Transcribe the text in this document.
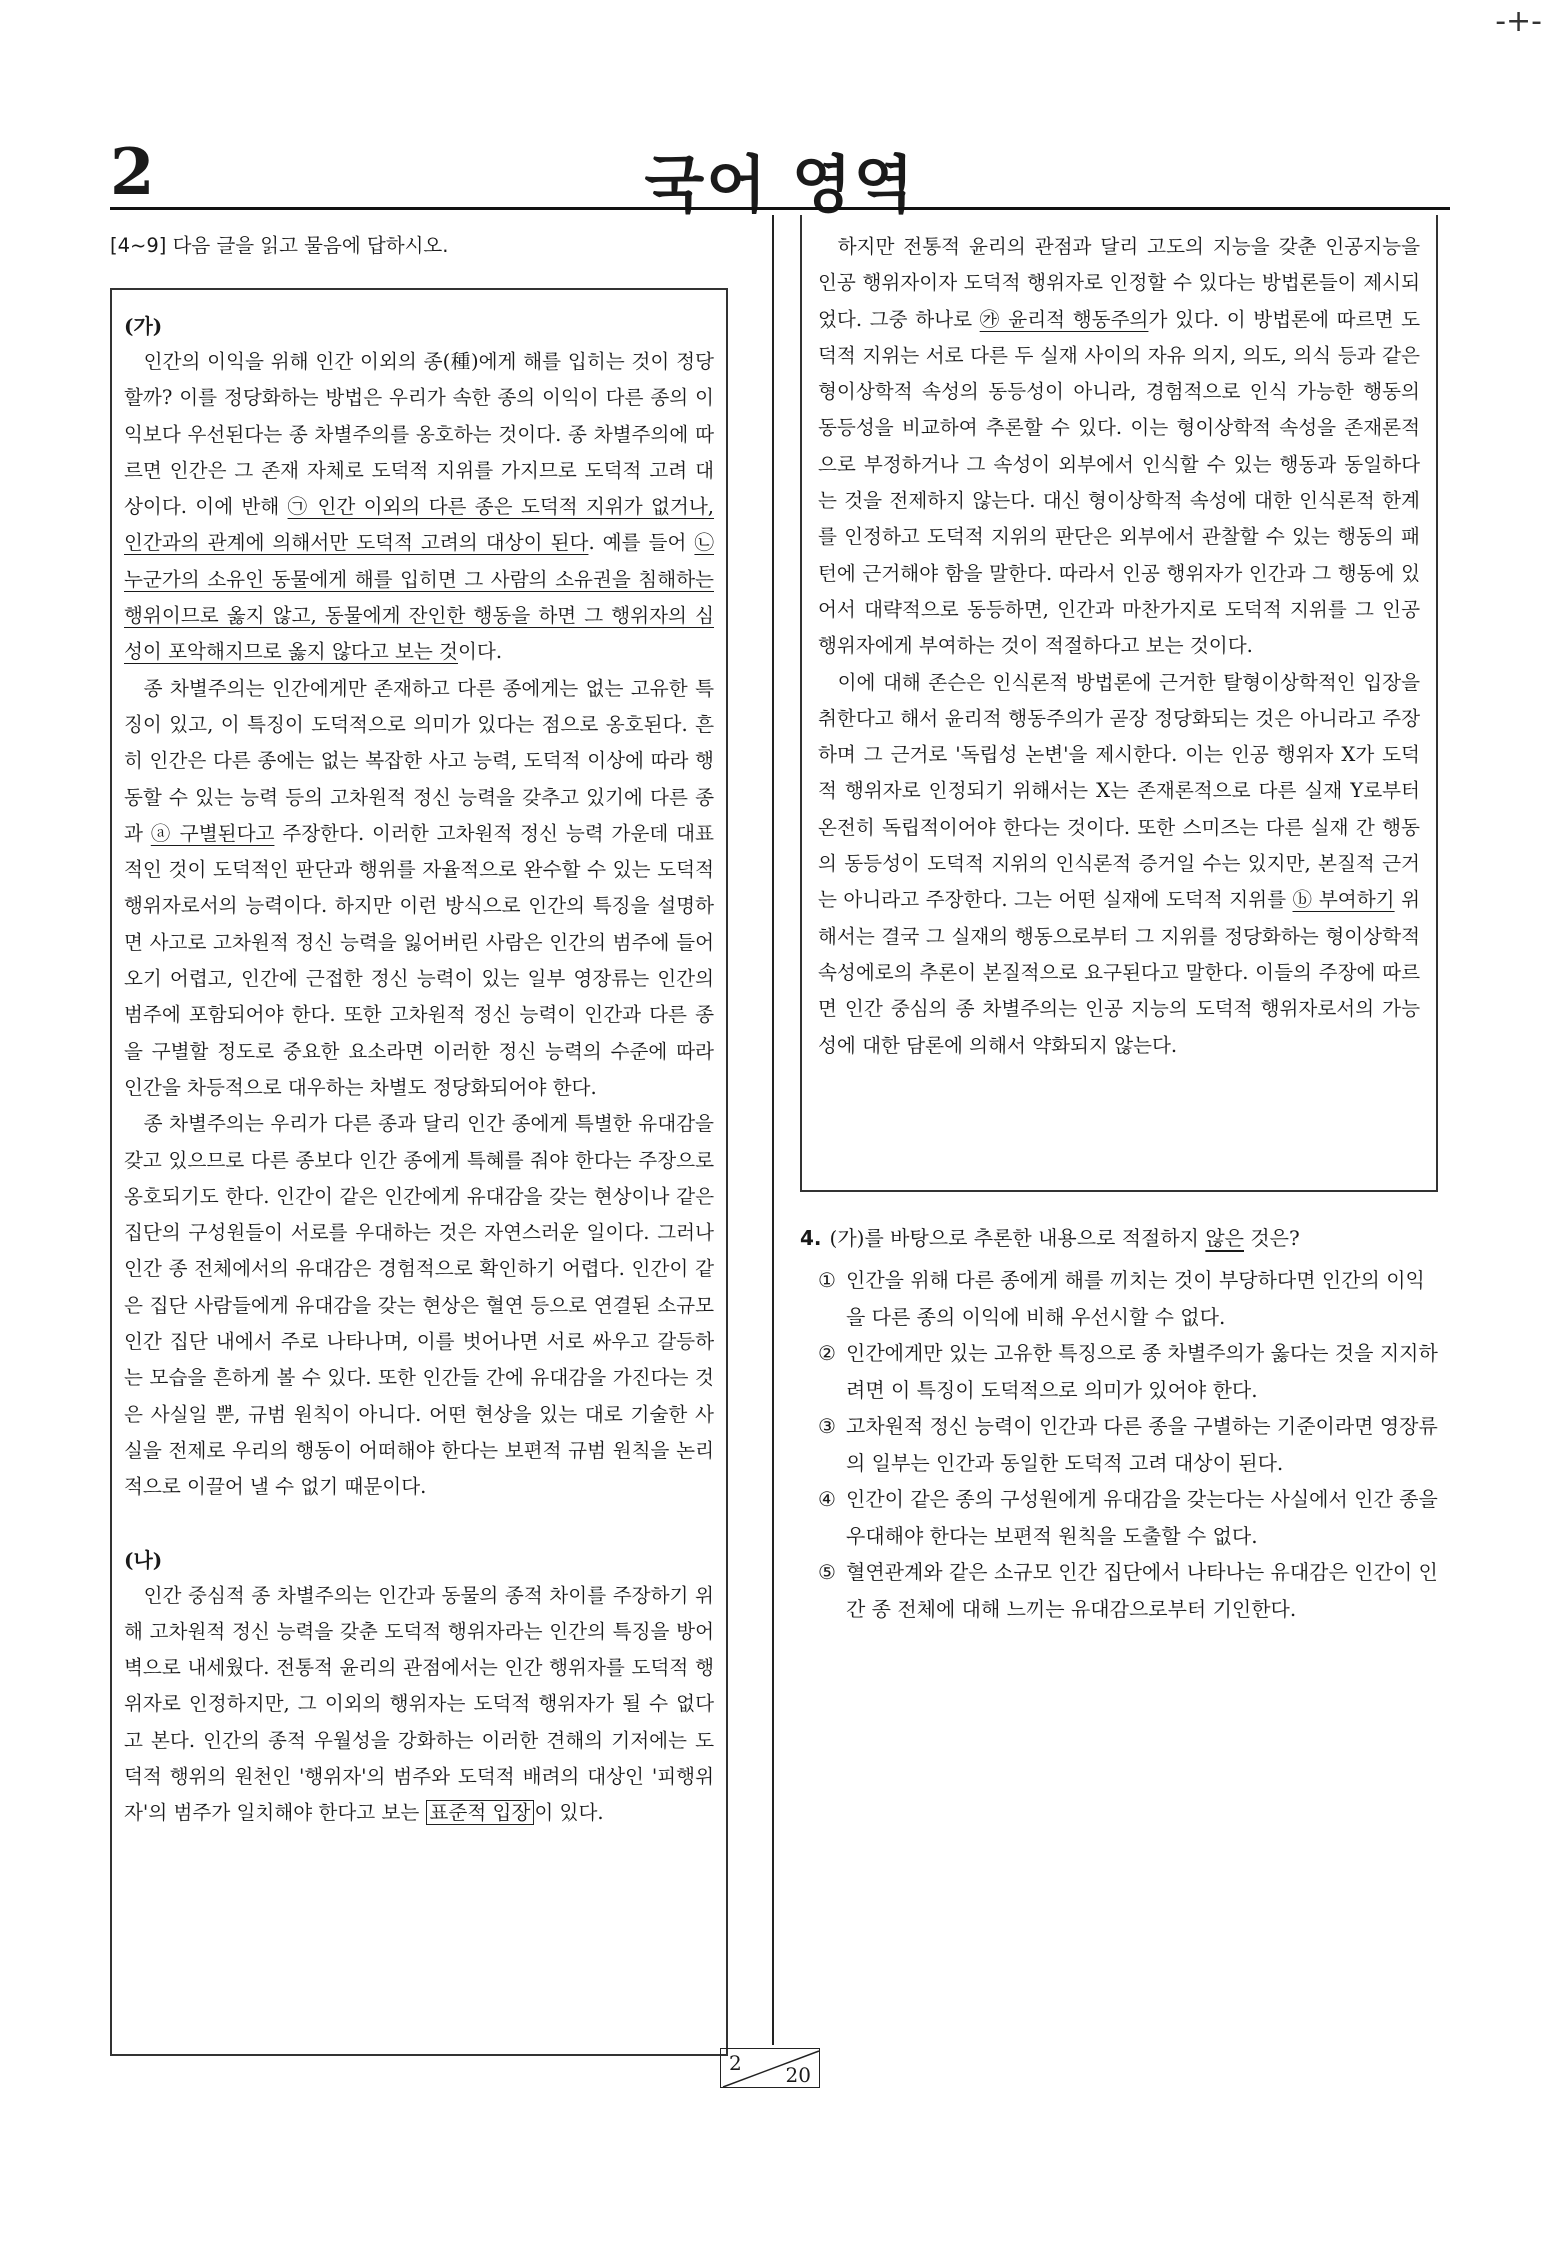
-+-
2	국어 영역
[4~9] 다음 글을 읽고 물음에 답하시오.
(가)

인간의 이익을 위해 인간 이외의 종(種)에게 해를 입히는 것이 정당할까? 이를 정당화하는 방법은 우리가 속한 종의 이익이 다른 종의 이익보다 우선된다는 종 차별주의를 옹호하는 것이다. 종 차별주의에 따르면 인간은 그 존재 자체로 도덕적 지위를 가지므로 도덕적 고려 대상이다. 이에 반해 ㉠ 인간 이외의 다른 종은 도덕적 지위가 없거나, 인간과의 관계에 의해서만 도덕적 고려의 대상이 된다. 예를 들어 ㉡ 누군가의 소유인 동물에게 해를 입히면 그 사람의 소유권을 침해하는 행위이므로 옳지 않고, 동물에게 잔인한 행동을 하면 그 행위자의 심성이 포악해지므로 옳지 않다고 보는 것이다.

종 차별주의는 인간에게만 존재하고 다른 종에게는 없는 고유한 특징이 있고, 이 특징이 도덕적으로 의미가 있다는 점으로 옹호된다. 흔히 인간은 다른 종에는 없는 복잡한 사고 능력, 도덕적 이상에 따라 행동할 수 있는 능력 등의 고차원적 정신 능력을 갖추고 있기에 다른 종과 ⓐ 구별된다고 주장한다. 이러한 고차원적 정신 능력 가운데 대표적인 것이 도덕적인 판단과 행위를 자율적으로 완수할 수 있는 도덕적 행위자로서의 능력이다. 하지만 이런 방식으로 인간의 특징을 설명하면 사고로 고차원적 정신 능력을 잃어버린 사람은 인간의 범주에 들어오기 어렵고, 인간에 근접한 정신 능력이 있는 일부 영장류는 인간의 범주에 포함되어야 한다. 또한 고차원적 정신 능력이 인간과 다른 종을 구별할 정도로 중요한 요소라면 이러한 정신 능력의 수준에 따라 인간을 차등적으로 대우하는 차별도 정당화되어야 한다.

종 차별주의는 우리가 다른 종과 달리 인간 종에게 특별한 유대감을 갖고 있으므로 다른 종보다 인간 종에게 특혜를 줘야 한다는 주장으로 옹호되기도 한다. 인간이 같은 인간에게 유대감을 갖는 현상이나 같은 집단의 구성원들이 서로를 우대하는 것은 자연스러운 일이다. 그러나 인간 종 전체에서의 유대감은 경험적으로 확인하기 어렵다. 인간이 같은 집단 사람들에게 유대감을 갖는 현상은 혈연 등으로 연결된 소규모 인간 집단 내에서 주로 나타나며, 이를 벗어나면 서로 싸우고 갈등하는 모습을 흔하게 볼 수 있다. 또한 인간들 간에 유대감을 가진다는 것은 사실일 뿐, 규범 원칙이 아니다. 어떤 현상을 있는 대로 기술한 사실을 전제로 우리의 행동이 어떠해야 한다는 보편적 규범 원칙을 논리적으로 이끌어 낼 수 없기 때문이다.

(나)

인간 중심적 종 차별주의는 인간과 동물의 종적 차이를 주장하기 위해 고차원적 정신 능력을 갖춘 도덕적 행위자라는 인간의 특징을 방어벽으로 내세웠다. 전통적 윤리의 관점에서는 인간 행위자를 도덕적 행위자로 인정하지만, 그 이외의 행위자는 도덕적 행위자가 될 수 없다고 본다. 인간의 종적 우월성을 강화하는 이러한 견해의 기저에는 도덕적 행위의 원천인 '행위자'의 범주와 도덕적 배려의 대상인 '피행위자'의 범주가 일치해야 한다고 보는 표준적 입장 이 있다.

하지만 전통적 윤리의 관점과 달리 고도의 지능을 갖춘 인공지능을 인공 행위자이자 도덕적 행위자로 인정할 수 있다는 방법론들이 제시되었다. 그중 하나로 ㉮ 윤리적 행동주의가 있다. 이 방법론에 따르면 도덕적 지위는 서로 다른 두 실재 사이의 자유 의지, 의도, 의식 등과 같은 형이상학적 속성의 동등성이 아니라, 경험적으로 인식 가능한 행동의 동등성을 비교하여 추론할 수 있다. 이는 형이상학적 속성을 존재론적으로 부정하거나 그 속성이 외부에서 인식할 수 있는 행동과 동일하다는 것을 전제하지 않는다. 대신 형이상학적 속성에 대한 인식론적 한계를 인정하고 도덕적 지위의 판단은 외부에서 관찰할 수 있는 행동의 패턴에 근거해야 함을 말한다. 따라서 인공 행위자가 인간과 그 행동에 있어서 대략적으로 동등하면, 인간과 마찬가지로 도덕적 지위를 그 인공 행위자에게 부여하는 것이 적절하다고 보는 것이다.

이에 대해 존슨은 인식론적 방법론에 근거한 탈형이상학적인 입장을 취한다고 해서 윤리적 행동주의가 곧장 정당화되는 것은 아니라고 주장하며 그 근거로 '독립성 논변'을 제시한다. 이는 인공 행위자 X가 도덕적 행위자로 인정되기 위해서는 X는 존재론적으로 다른 실재 Y로부터 온전히 독립적이어야 한다는 것이다. 또한 스미즈는 다른 실재 간 행동의 동등성이 도덕적 지위의 인식론적 증거일 수는 있지만, 본질적 근거는 아니라고 주장한다. 그는 어떤 실재에 도덕적 지위를 ⓑ 부여하기 위해서는 결국 그 실재의 행동으로부터 그 지위를 정당화하는 형이상학적 속성에로의 추론이 본질적으로 요구된다고 말한다. 이들의 주장에 따르면 인간 중심의 종 차별주의는 인공 지능의 도덕적 행위자로서의 가능성에 대한 담론에 의해서 약화되지 않는다.

4. (가)를 바탕으로 추론한 내용으로 적절하지 않은 것은?
① 인간을 위해 다른 종에게 해를 끼치는 것이 부당하다면 인간의 이익을 다른 종의 이익에 비해 우선시할 수 없다.
② 인간에게만 있는 고유한 특징으로 종 차별주의가 옳다는 것을 지지하려면 이 특징이 도덕적으로 의미가 있어야 한다.
③ 고차원적 정신 능력이 인간과 다른 종을 구별하는 기준이라면 영장류의 일부는 인간과 동일한 도덕적 고려 대상이 된다.
④ 인간이 같은 종의 구성원에게 유대감을 갖는다는 사실에서 인간 종을 우대해야 한다는 보편적 원칙을 도출할 수 없다.
⑤ 혈연관계와 같은 소규모 인간 집단에서 나타나는 유대감은 인간이 인간 종 전체에 대해 느끼는 유대감으로부터 기인한다.
2 20
